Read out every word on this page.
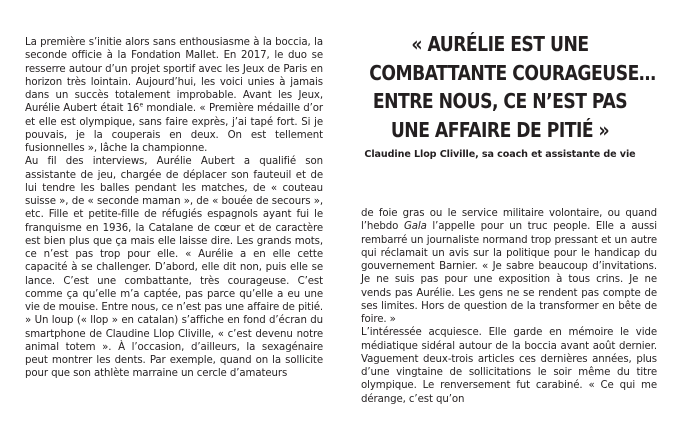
La première s’initie alors sans enthousiasme à la boccia, la seconde officie à la Fondation Mallet. En 2017, le duo se resserre autour d’un projet sportif avec les Jeux de Paris en horizon très lointain. Aujourd’hui, les voici unies à jamais dans un succès totalement improbable. Avant les Jeux, Aurélie Aubert était 16e mondiale. « Première médaille d’or et elle est olympique, sans faire exprès, j’ai tapé fort. Si je pouvais, je la couperais en deux. On est tellement fusionnelles », lâche la championne.

Au fil des interviews, Aurélie Aubert a qualifié son assistante de jeu, chargée de déplacer son fauteuil et de lui tendre les balles pendant les matches, de « couteau suisse », de « seconde maman », de « bouée de secours », etc. Fille et petite-fille de réfugiés espagnols ayant fui le franquisme en 1936, la Catalane de cœur et de caractère est bien plus que ça mais elle laisse dire. Les grands mots, ce n’est pas trop pour elle. « Aurélie a en elle cette capacité à se challenger. D’abord, elle dit non, puis elle se lance. C’est une combattante, très courageuse. C’est comme ça qu’elle m’a captée, pas parce qu’elle a eu une vie de mouise. Entre nous, ce n’est pas une affaire de pitié. » Un loup (« llop » en catalan) s’affiche en fond d’écran du smartphone de Claudine Llop Cliville, « c’est devenu notre animal totem ». À l’occasion, d’ailleurs, la sexagénaire peut montrer les dents. Par exemple, quand on la sollicite pour que son athlète marraine un cercle d’amateurs

« AURÉLIE EST UNE
COMBATTANTE COURAGEUSE…
ENTRE NOUS, CE N’EST PAS
UNE AFFAIRE DE PITIÉ »
Claudine Llop Cliville, sa coach et assistante de vie

de foie gras ou le service militaire volontaire, ou quand l’hebdo Gala l’appelle pour un truc people. Elle a aussi rembarré un journaliste normand trop pressant et un autre qui réclamait un avis sur la politique pour le handicap du gouvernement Barnier. « Je sabre beaucoup d’invitations. Je ne suis pas pour une exposition à tous crins. Je ne vends pas Aurélie. Les gens ne se rendent pas compte de ses limites. Hors de question de la transformer en bête de foire. »

L’intéressée acquiesce. Elle garde en mémoire le vide médiatique sidéral autour de la boccia avant août dernier. Vaguement deux-trois articles ces dernières années, plus d’une vingtaine de sollicitations le soir même du titre olympique. Le renversement fut carabiné. « Ce qui me dérange, c’est qu’on
